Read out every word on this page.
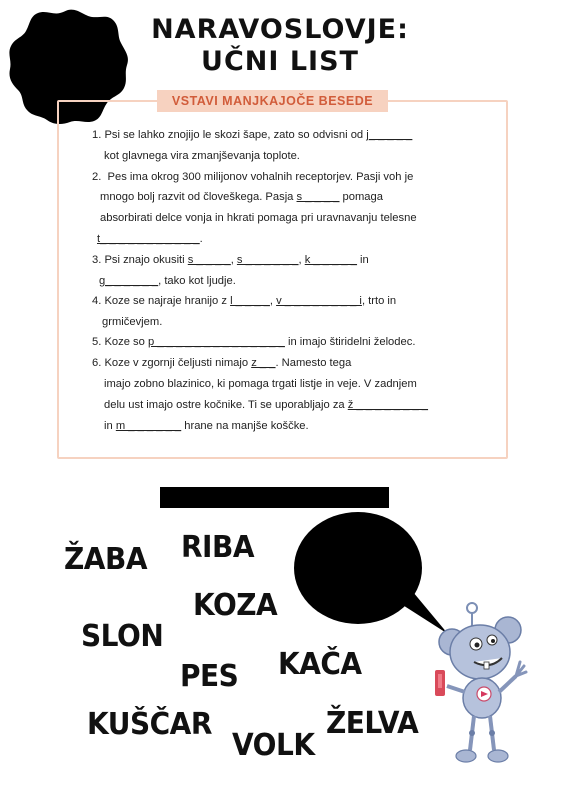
NARAVOSLOVJE:
UČNI LIST
VSTAVI MANJKAJOČE BESEDE
1. Psi se lahko znojijo le skozi šape, zato so odvisni od j_ _ _ _ _
kot glavnega vira zmanjševanja toplote.
2.  Pes ima okrog 300 milijonov vohalnih receptorjev. Pasji voh je
mnogo bolj razvit od človeškega. Pasja s _ _ _ _ pomaga
absorbirati delce vonja in hkrati pomaga pri uravnavanju telesne
t_ _ _ _ _ _ _ _ _ _ _.
3. Psi znajo okusiti s _ _ _ _, s _ _ _ _ _ _, k _ _ _ _ _ in
g_ _ _ _ _ _, tako kot ljudje.
4. Koze se najraje hranijo z l _ _ _ _, v _ _ _ _ _ _ _ _ i, trto in
grmičevjem.
5. Koze so p _ _ _ _ _ _ _ _ _ _ _ _ _ _ in imajo štiridelni želodec.
6. Koze v zgornji čeljusti nimajo z _ _. Namesto tega
imajo zobno blazinico, ki pomaga trgati listje in veje. V zadnjem
delu ust imajo ostre kočnike. Ti se uporabljajo za ž _ _ _ _ _ _ _ _
in m _ _ _ _ _ _ hrane na manjše koščke.
ŽABA RIBA
KOZA
SLON
PES KAČA
KUŠČAR
VOLK
ŽELVA
